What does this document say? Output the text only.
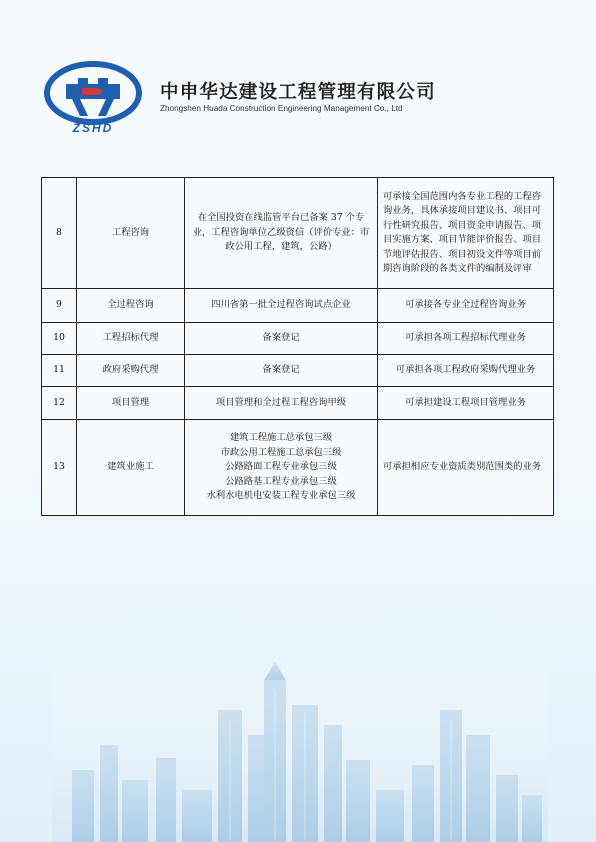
ZSHD
中申华达建设工程管理有限公司
Zhongshen Huada Construction Engineering Management Co., Ltd
8	工程咨询	在全国投资在线监管平台已备案 37 个专业，工程咨询单位乙级资信（评价专业：市政公用工程，建筑，公路）	可承接全国范围内各专业工程的工程咨询业务，具体承接项目建议书、项目可行性研究报告、项目资金申请报告、项目实施方案、项目节能评价报告、项目节地评估报告、项目初设文件等项目前期咨询阶段的各类文件的编制及评审
9	全过程咨询	四川省第一批全过程咨询试点企业	可承接各专业全过程咨询业务
10	工程招标代理	备案登记	可承担各项工程招标代理业务
11	政府采购代理	备案登记	可承担各项工程政府采购代理业务
12	项目管理	项目管理和全过程工程咨询甲级	可承担建设工程项目管理业务
13	建筑业施工	建筑工程施工总承包三级
市政公用工程施工总承包三级
公路路面工程专业承包三级
公路路基工程专业承包三级
水利水电机电安装工程专业承包三级	可承担相应专业资质类别范围类的业务
